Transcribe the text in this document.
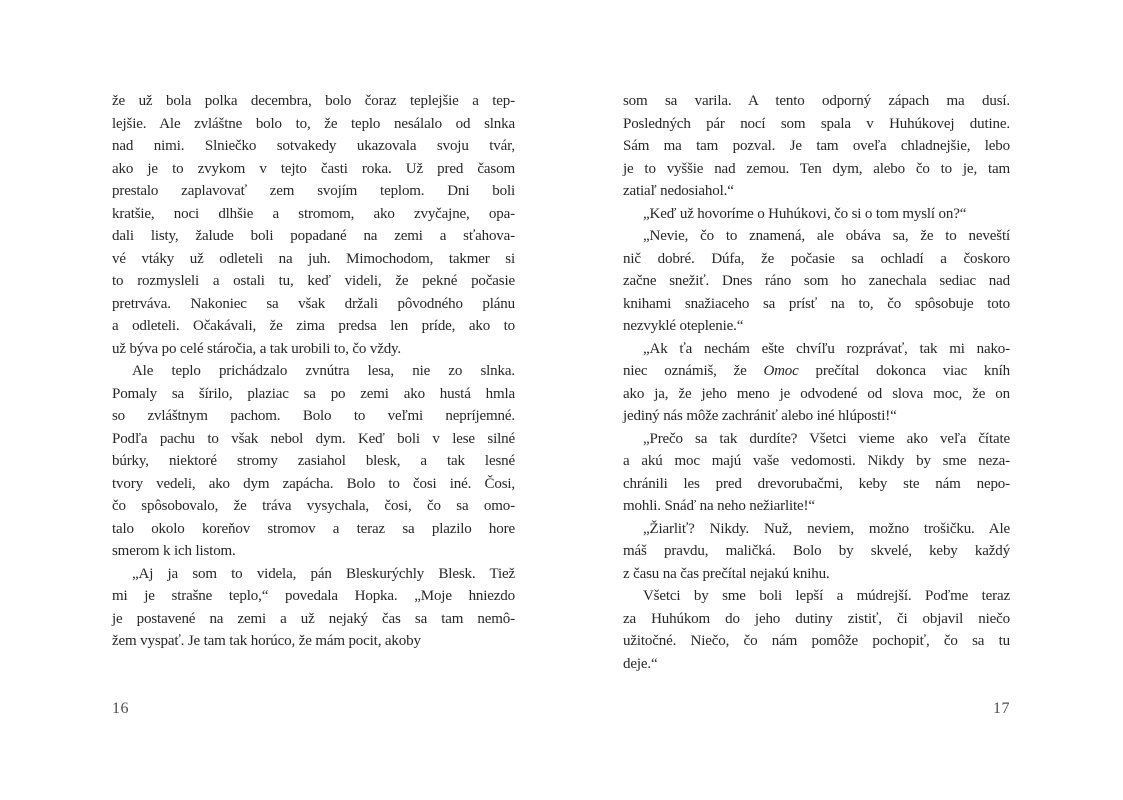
že už bola polka decembra, bolo čoraz teplejšie a tep-
lejšie. Ale zvláštne bolo to, že teplo nesálalo od slnka
nad nimi. Slniečko sotvakedy ukazovala svoju tvár,
ako je to zvykom v tejto časti roka. Už pred časom
prestalo zaplavovať zem svojím teplom. Dni boli
kratšie, noci dlhšie a stromom, ako zvyčajne, opa-
dali listy, žalude boli popadané na zemi a sťahova-
vé vtáky už odleteli na juh. Mimochodom, takmer si
to rozmysleli a ostali tu, keď videli, že pekné počasie
pretrváva. Nakoniec sa však držali pôvodného plánu
a odleteli. Očakávali, že zima predsa len príde, ako to
už býva po celé stáročia, a tak urobili to, čo vždy.
Ale teplo prichádzalo zvnútra lesa, nie zo slnka.
Pomaly sa šírilo, plaziac sa po zemi ako hustá hmla
so zvláštnym pachom. Bolo to veľmi nepríjemné.
Podľa pachu to však nebol dym. Keď boli v lese silné
búrky, niektoré stromy zasiahol blesk, a tak lesné
tvory vedeli, ako dym zapácha. Bolo to čosi iné. Čosi,
čo spôsobovalo, že tráva vysychala, čosi, čo sa omo-
talo okolo koreňov stromov a teraz sa plazilo hore
smerom k ich listom.
„Aj ja som to videla, pán Bleskurýchly Blesk. Tiež
mi je strašne teplo,“ povedala Hopka. „Moje hniezdo
je postavené na zemi a už nejaký čas sa tam nemô-
žem vyspať. Je tam tak horúco, že mám pocit, akoby
16
som sa varila. A tento odporný zápach ma dusí.
Posledných pár nocí som spala v Huhúkovej dutine.
Sám ma tam pozval. Je tam oveľa chladnejšie, lebo
je to vyššie nad zemou. Ten dym, alebo čo to je, tam
zatiaľ nedosiahol.“
„Keď už hovoríme o Huhúkovi, čo si o tom myslí on?“
„Nevie, čo to znamená, ale obáva sa, že to neveští
nič dobré. Dúfa, že počasie sa ochladí a čoskoro
začne snežiť. Dnes ráno som ho zanechala sediac nad
knihami snažiaceho sa prísť na to, čo spôsobuje toto
nezvyklé oteplenie.“
„Ak ťa nechám ešte chvíľu rozprávať, tak mi nako-
niec oznámiš, že Omoc prečítal dokonca viac kníh
ako ja, že jeho meno je odvodené od slova moc, že on
jediný nás môže zachrániť alebo iné hlúposti!“
„Prečo sa tak durdíte? Všetci vieme ako veľa čítate
a akú moc majú vaše vedomosti. Nikdy by sme neza-
chránili les pred drevorubačmi, keby ste nám nepo-
mohli. Snáď na neho nežiarlite!“
„Žiarliť? Nikdy. Nuž, neviem, možno trošičku. Ale
máš pravdu, maličká. Bolo by skvelé, keby každý
z času na čas prečítal nejakú knihu.
Všetci by sme boli lepší a múdrejší. Poďme teraz
za Huhúkom do jeho dutiny zistiť, či objavil niečo
užitočné. Niečo, čo nám pomôže pochopiť, čo sa tu
deje.“
17
